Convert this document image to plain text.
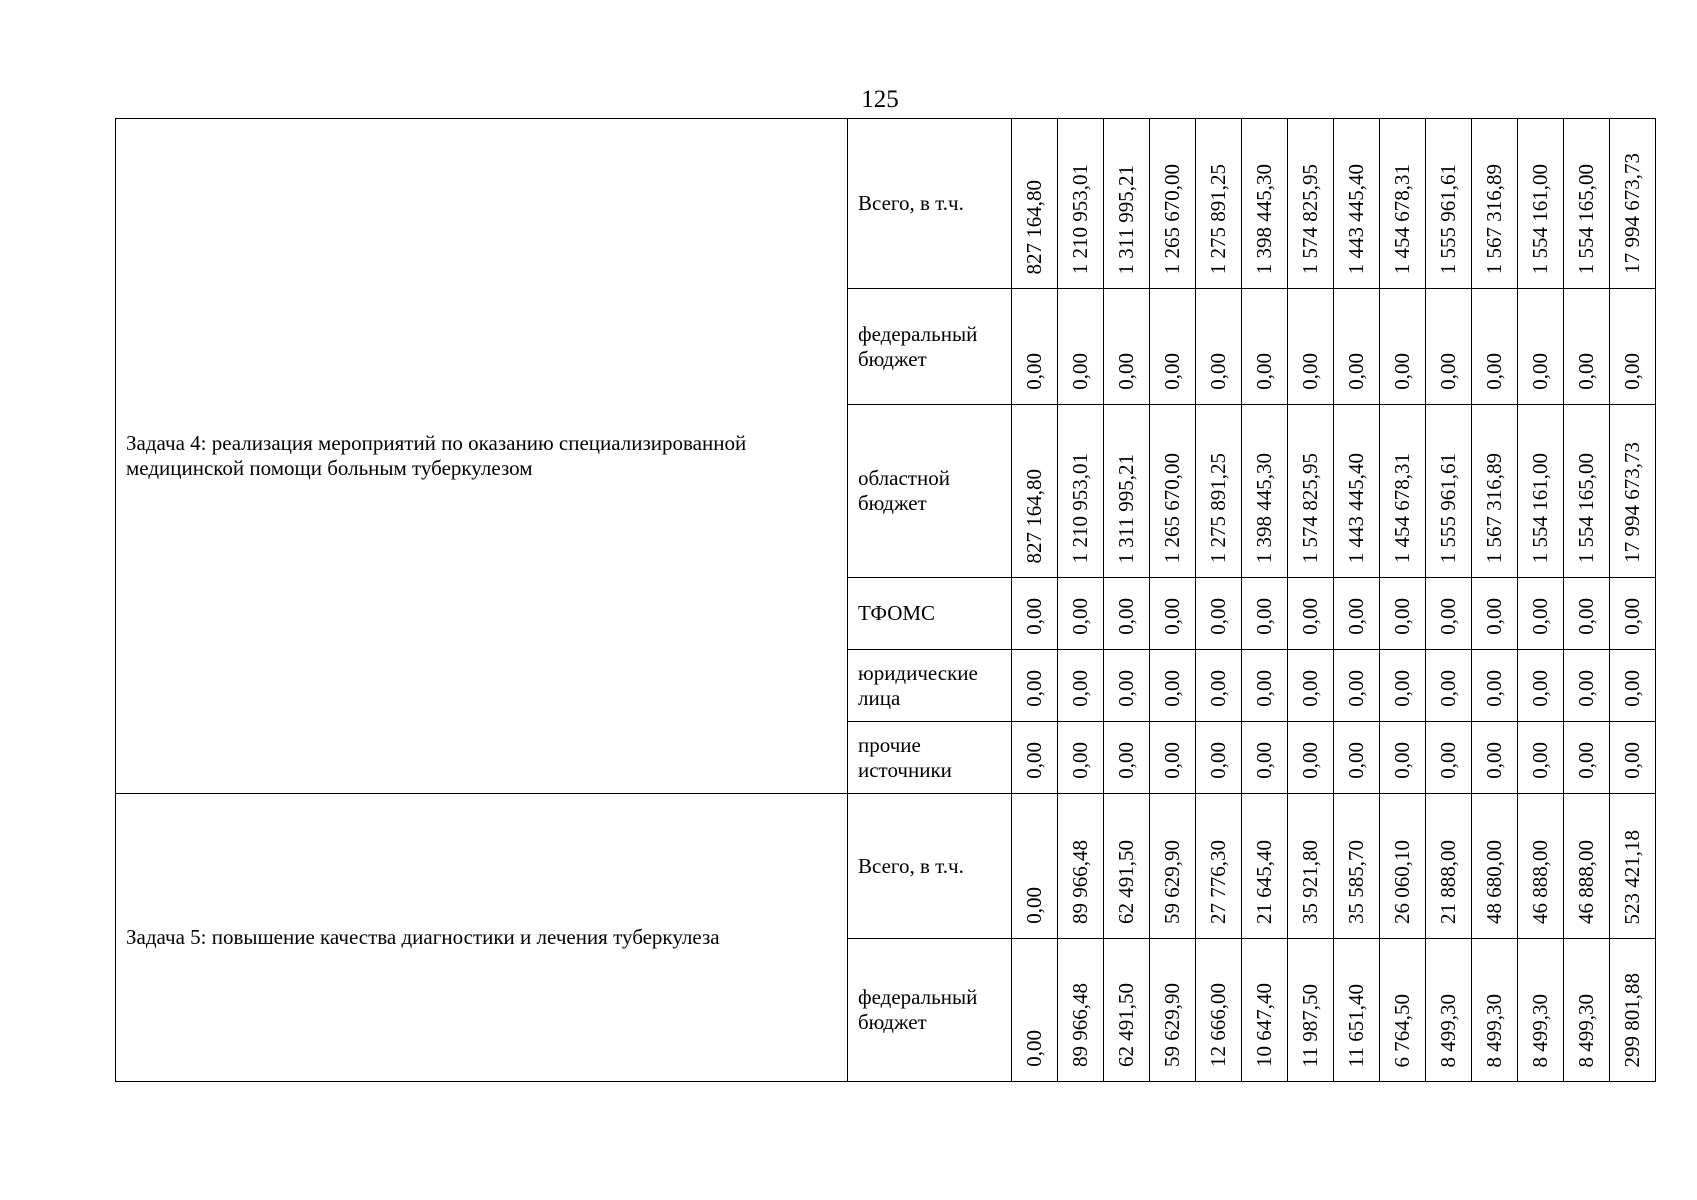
125
Задача 4: реализация мероприятий по оказанию специализированной медицинской помощи больным туберкулезом	Всего, в т.ч.	827 164,80	1 210 953,01	1 311 995,21	1 265 670,00	1 275 891,25	1 398 445,30	1 574 825,95	1 443 445,40	1 454 678,31	1 555 961,61	1 567 316,89	1 554 161,00	1 554 165,00	17 994 673,73
	федеральный бюджет	0,00	0,00	0,00	0,00	0,00	0,00	0,00	0,00	0,00	0,00	0,00	0,00	0,00	0,00
	областной бюджет	827 164,80	1 210 953,01	1 311 995,21	1 265 670,00	1 275 891,25	1 398 445,30	1 574 825,95	1 443 445,40	1 454 678,31	1 555 961,61	1 567 316,89	1 554 161,00	1 554 165,00	17 994 673,73
	ТФОМС	0,00	0,00	0,00	0,00	0,00	0,00	0,00	0,00	0,00	0,00	0,00	0,00	0,00	0,00
	юридические лица	0,00	0,00	0,00	0,00	0,00	0,00	0,00	0,00	0,00	0,00	0,00	0,00	0,00	0,00
	прочие источники	0,00	0,00	0,00	0,00	0,00	0,00	0,00	0,00	0,00	0,00	0,00	0,00	0,00	0,00
Задача 5: повышение качества диагностики и лечения туберкулеза	Всего, в т.ч.	0,00	89 966,48	62 491,50	59 629,90	27 776,30	21 645,40	35 921,80	35 585,70	26 060,10	21 888,00	48 680,00	46 888,00	46 888,00	523 421,18
	федеральный бюджет	0,00	89 966,48	62 491,50	59 629,90	12 666,00	10 647,40	11 987,50	11 651,40	6 764,50	8 499,30	8 499,30	8 499,30	8 499,30	299 801,88
